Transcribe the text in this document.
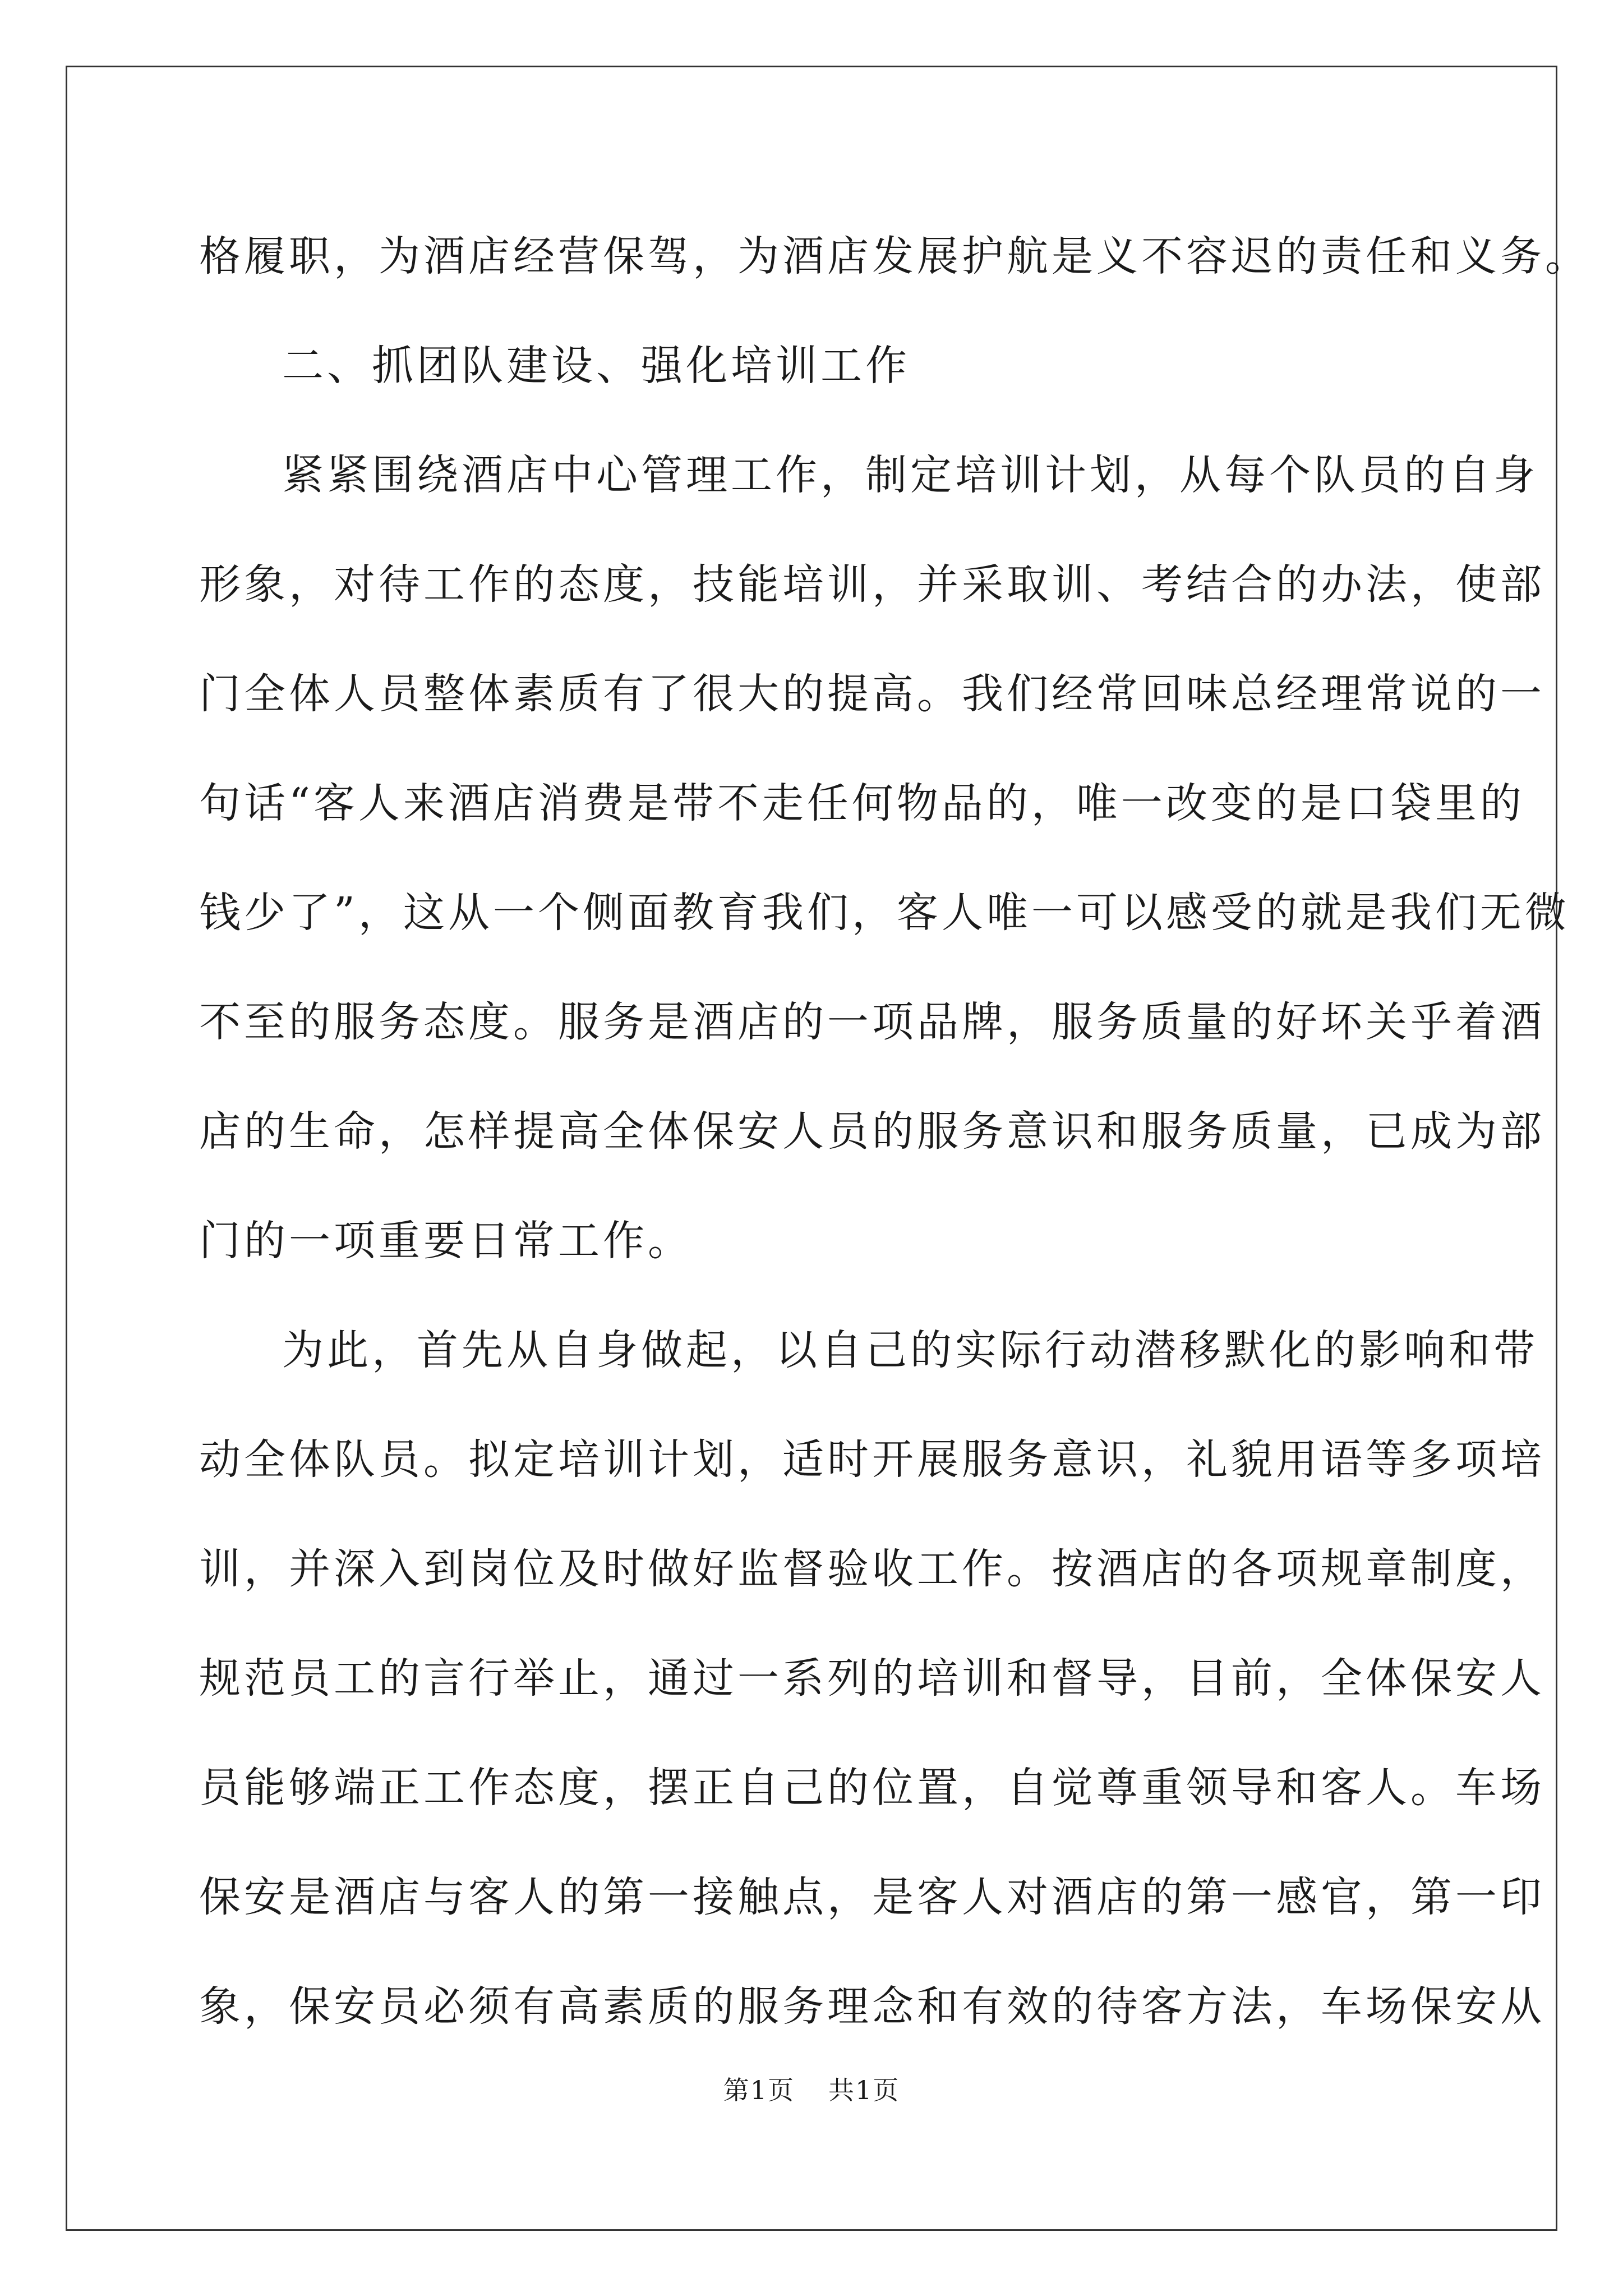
格履职，为酒店经营保驾，为酒店发展护航是义不容迟的责任和义务。
二、抓团队建设、强化培训工作
紧紧围绕酒店中心管理工作，制定培训计划，从每个队员的自身
形象，对待工作的态度，技能培训，并采取训、考结合的办法，使部
门全体人员整体素质有了很大的提高。我们经常回味总经理常说的一
句话“客人来酒店消费是带不走任何物品的，唯一改变的是口袋里的
钱少了”，这从一个侧面教育我们，客人唯一可以感受的就是我们无微
不至的服务态度。服务是酒店的一项品牌，服务质量的好坏关乎着酒
店的生命，怎样提高全体保安人员的服务意识和服务质量，已成为部
门的一项重要日常工作。
为此，首先从自身做起，以自己的实际行动潜移默化的影响和带
动全体队员。拟定培训计划，适时开展服务意识，礼貌用语等多项培
训，并深入到岗位及时做好监督验收工作。按酒店的各项规章制度，
规范员工的言行举止，通过一系列的培训和督导，目前，全体保安人
员能够端正工作态度，摆正自己的位置，自觉尊重领导和客人。车场
保安是酒店与客人的第一接触点，是客人对酒店的第一感官，第一印
象，保安员必须有高素质的服务理念和有效的待客方法，车场保安从
第1页 共1页
